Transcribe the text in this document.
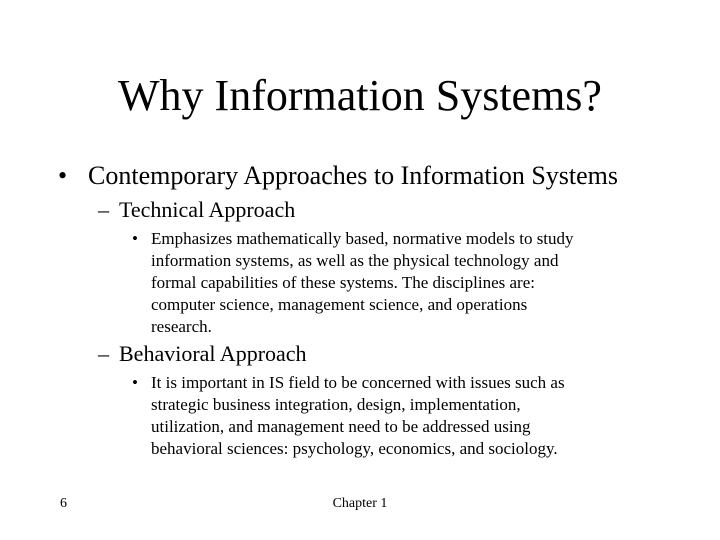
Why Information Systems?
• Contemporary Approaches to Information Systems
– Technical Approach
• Emphasizes mathematically based, normative models to study
information systems, as well as the physical technology and
formal capabilities of these systems. The disciplines are:
computer science, management science, and operations
research.
– Behavioral Approach
• It is important in IS field to be concerned with issues such as
strategic business integration, design, implementation,
utilization, and management need to be addressed using
behavioral sciences: psychology, economics, and sociology.
6	Chapter 1
